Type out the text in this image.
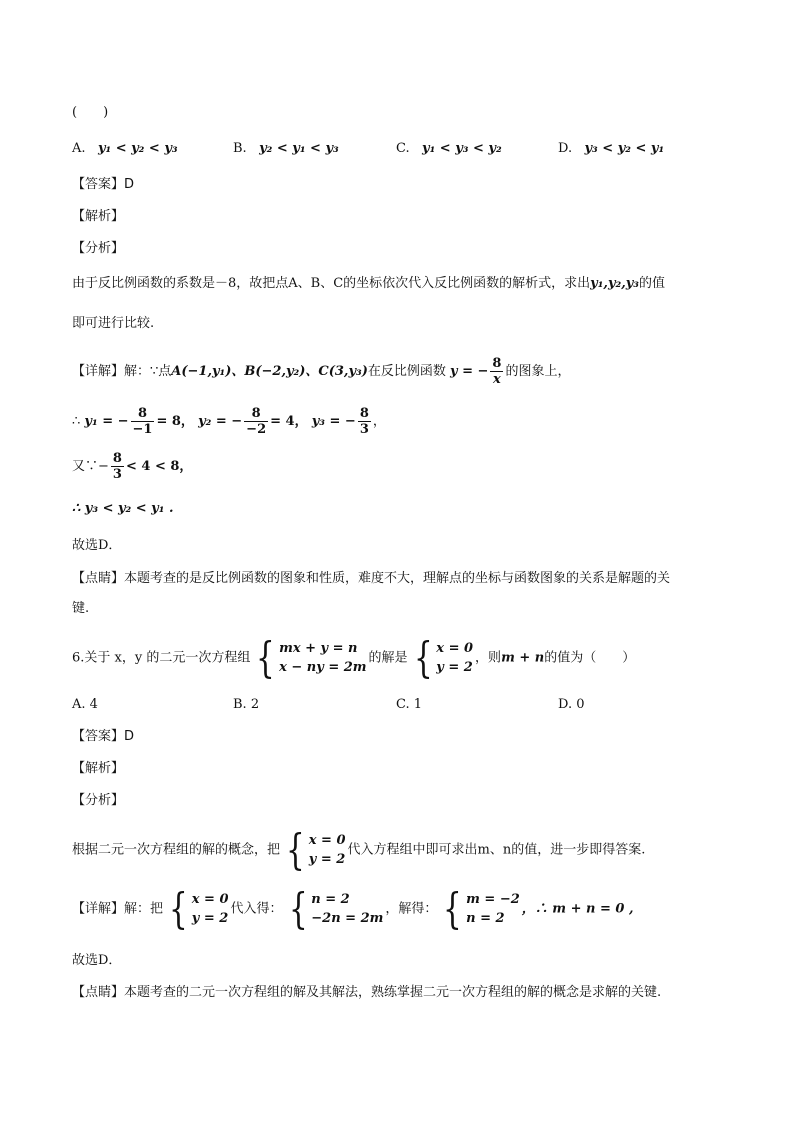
(　　)
A. y₁ < y₂ < y₃	B. y₂ < y₁ < y₃	C. y₁ < y₃ < y₂	D. y₃ < y₂ < y₁
【答案】D
【解析】
【分析】
由于反比例函数的系数是－8，故把点A、B、C的坐标依次代入反比例函数的解析式，求出y₁,y₂,y₃的值
即可进行比较.
【详解】解：∵点A(−1,y₁)、B(−2,y₂)、C(3,y₃)在反比例函数 y = − $\frac{8}{x}$ 的图象上，
∴ y₁ = − $\frac{8}{-1} = 8$， y₂ = − $\frac{8}{-2} = 4$， y₃ = − $\frac{8}{3}$ ，
又∵− $\frac{8}{3} < 4 < 8$，
∴ y₃ < y₂ < y₁ .
故选D．
【点睛】本题考查的是反比例函数的图象和性质，难度不大，理解点的坐标与函数图象的关系是解题的关
键.
6.关于 x，y 的二元一次方程组 { mx + y = n
x − ny = 2m
的解是 { x = 0
y = 2
，则m + n的值为（　　）
A. 4	B. 2	C. 1	D. 0
【答案】D
【解析】
【分析】
根据二元一次方程组的解的概念，把 { x = 0
y = 2
代入方程组中即可求出m、n的值，进一步即得答案.
【详解】解：把 { x = 0
y = 2
代入得： { n = 2
−2n = 2m
，解得： { m = −2
n = 2
，∴ m + n = 0 ,
故选D．
【点睛】本题考查的二元一次方程组的解及其解法，熟练掌握二元一次方程组的解的概念是求解的关键.
